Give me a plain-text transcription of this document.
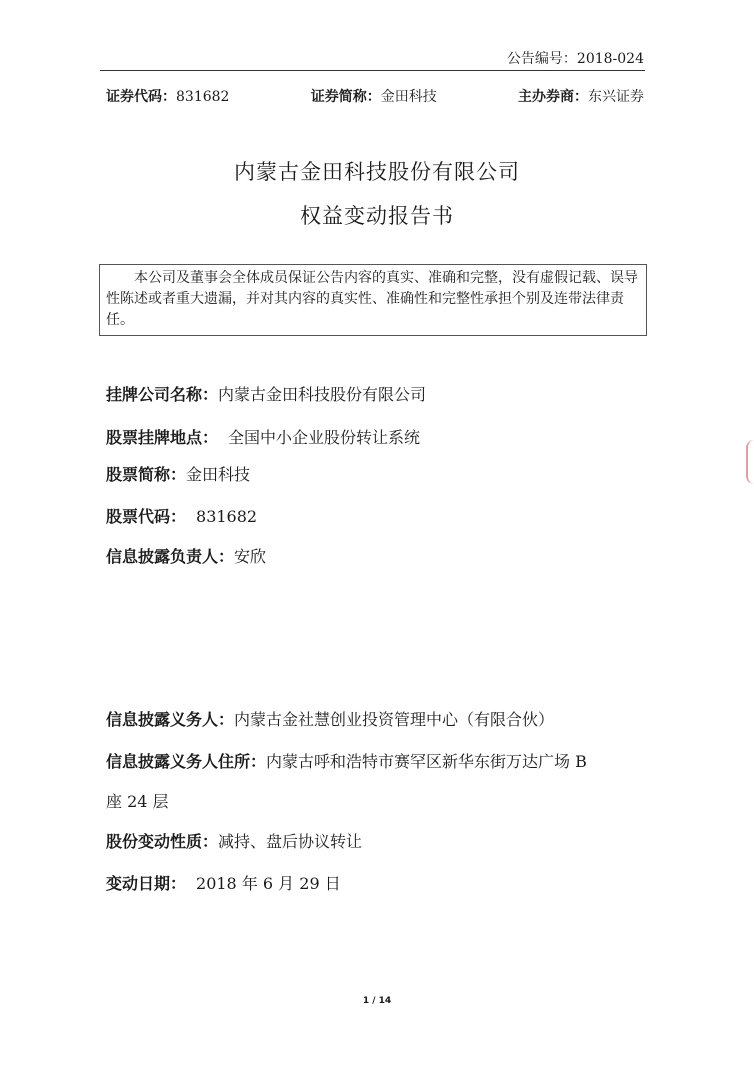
公告编号：2018-024
证券代码：831682	证券简称：金田科技	主办券商：东兴证券
内蒙古金田科技股份有限公司
权益变动报告书
本公司及董事会全体成员保证公告内容的真实、准确和完整，没有虚假记载、误导性陈述或者重大遗漏，并对其内容的真实性、准确性和完整性承担个别及连带法律责任。
挂牌公司名称：内蒙古金田科技股份有限公司
股票挂牌地点： 全国中小企业股份转让系统
股票简称：金田科技
股票代码： 831682
信息披露负责人：安欣
信息披露义务人：内蒙古金社慧创业投资管理中心（有限合伙）
信息披露义务人住所：内蒙古呼和浩特市赛罕区新华东街万达广场 B
座 24 层
股份变动性质：减持、盘后协议转让
变动日期： 2018 年 6 月 29 日
1 / 14
